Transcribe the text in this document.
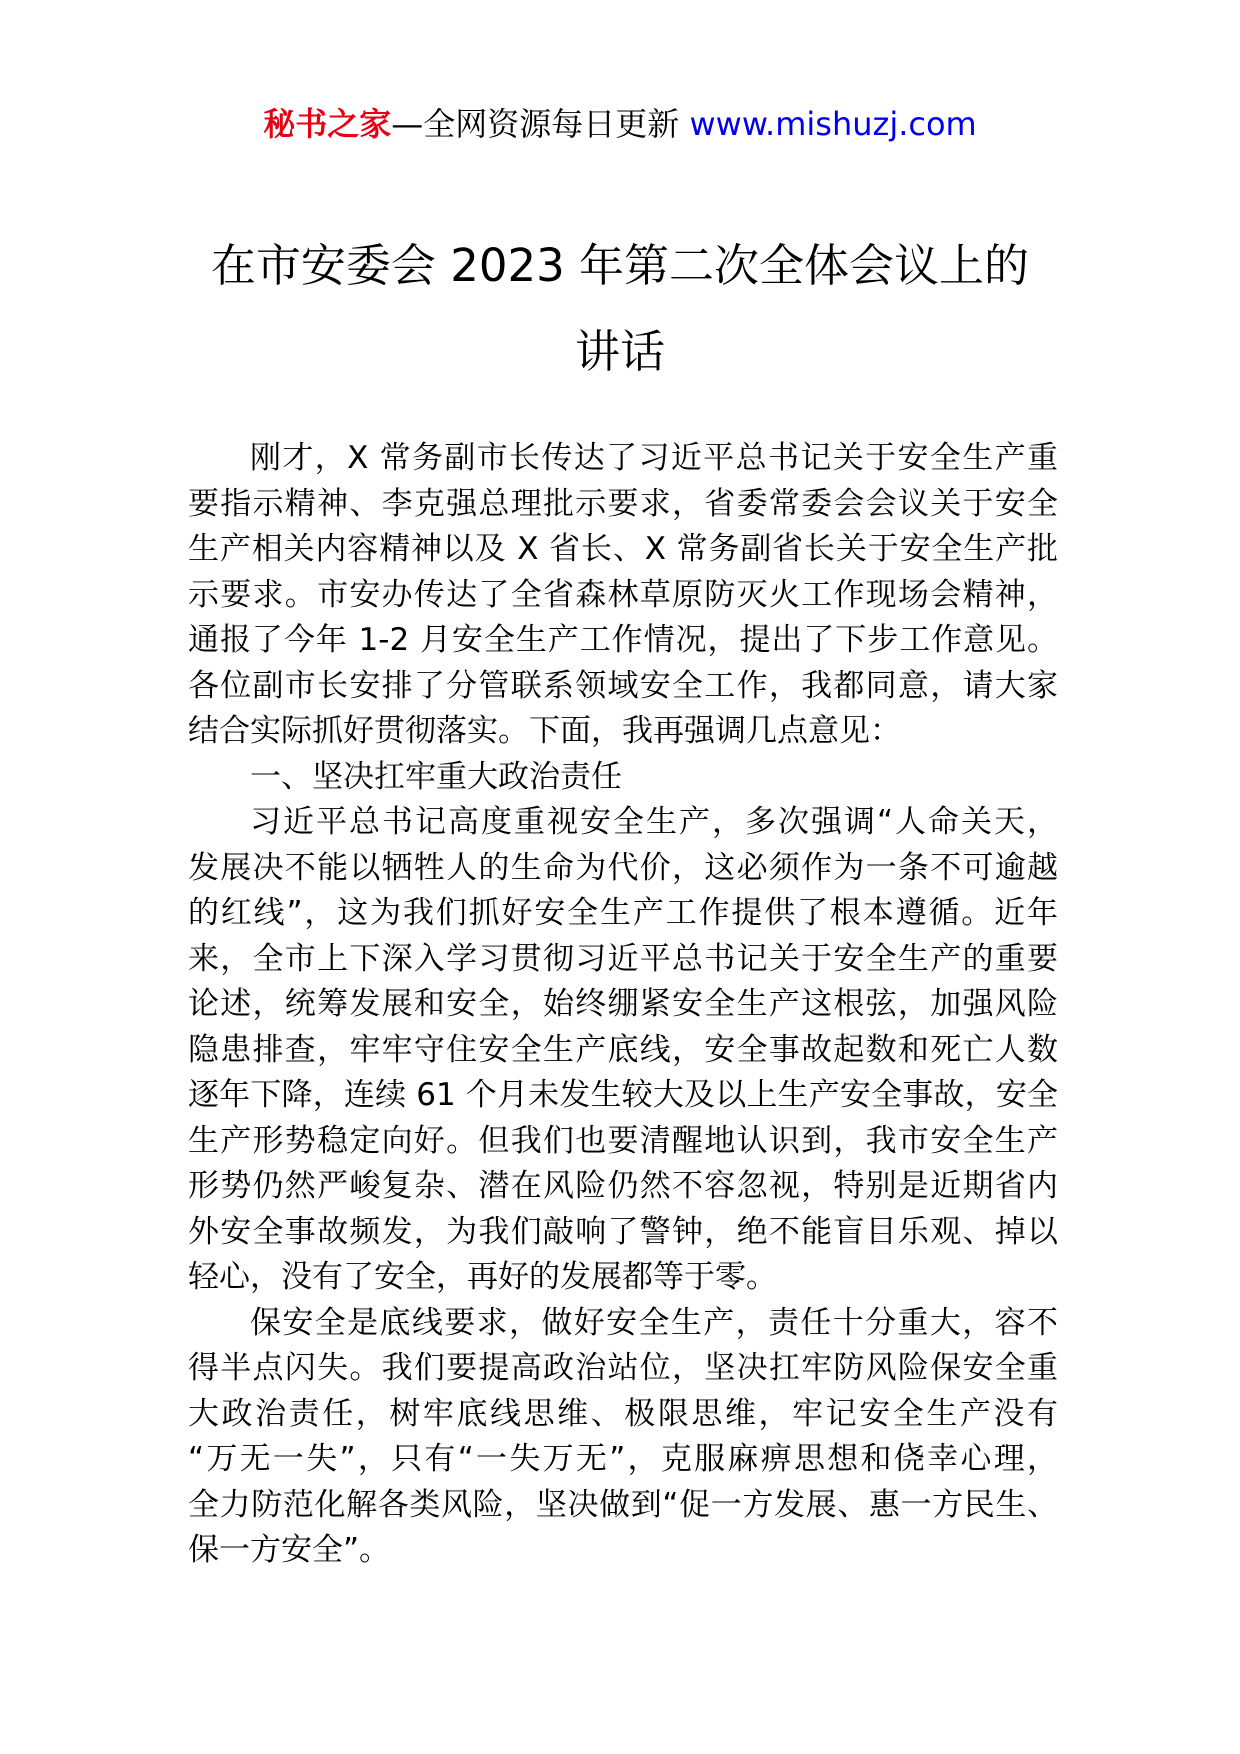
秘书之家—全网资源每日更新 www.mishuzj.com
在市安委会 2023 年第二次全体会议上的
讲话
刚才，X 常务副市长传达了习近平总书记关于安全生产重
要指示精神、李克强总理批示要求，省委常委会会议关于安全
生产相关内容精神以及 X 省长、X 常务副省长关于安全生产批
示要求。市安办传达了全省森林草原防灭火工作现场会精神，
通报了今年 1-2 月安全生产工作情况，提出了下步工作意见。
各位副市长安排了分管联系领域安全工作，我都同意，请大家
结合实际抓好贯彻落实。下面，我再强调几点意见：
一、坚决扛牢重大政治责任
习近平总书记高度重视安全生产，多次强调“人命关天，
发展决不能以牺牲人的生命为代价，这必须作为一条不可逾越
的红线”，这为我们抓好安全生产工作提供了根本遵循。近年
来，全市上下深入学习贯彻习近平总书记关于安全生产的重要
论述，统筹发展和安全，始终绷紧安全生产这根弦，加强风险
隐患排查，牢牢守住安全生产底线，安全事故起数和死亡人数
逐年下降，连续 61 个月未发生较大及以上生产安全事故，安全
生产形势稳定向好。但我们也要清醒地认识到，我市安全生产
形势仍然严峻复杂、潜在风险仍然不容忽视，特别是近期省内
外安全事故频发，为我们敲响了警钟，绝不能盲目乐观、掉以
轻心，没有了安全，再好的发展都等于零。
保安全是底线要求，做好安全生产，责任十分重大，容不
得半点闪失。我们要提高政治站位，坚决扛牢防风险保安全重
大政治责任，树牢底线思维、极限思维，牢记安全生产没有
“万无一失”，只有“一失万无”，克服麻痹思想和侥幸心理，
全力防范化解各类风险，坚决做到“促一方发展、惠一方民生、
保一方安全”。
